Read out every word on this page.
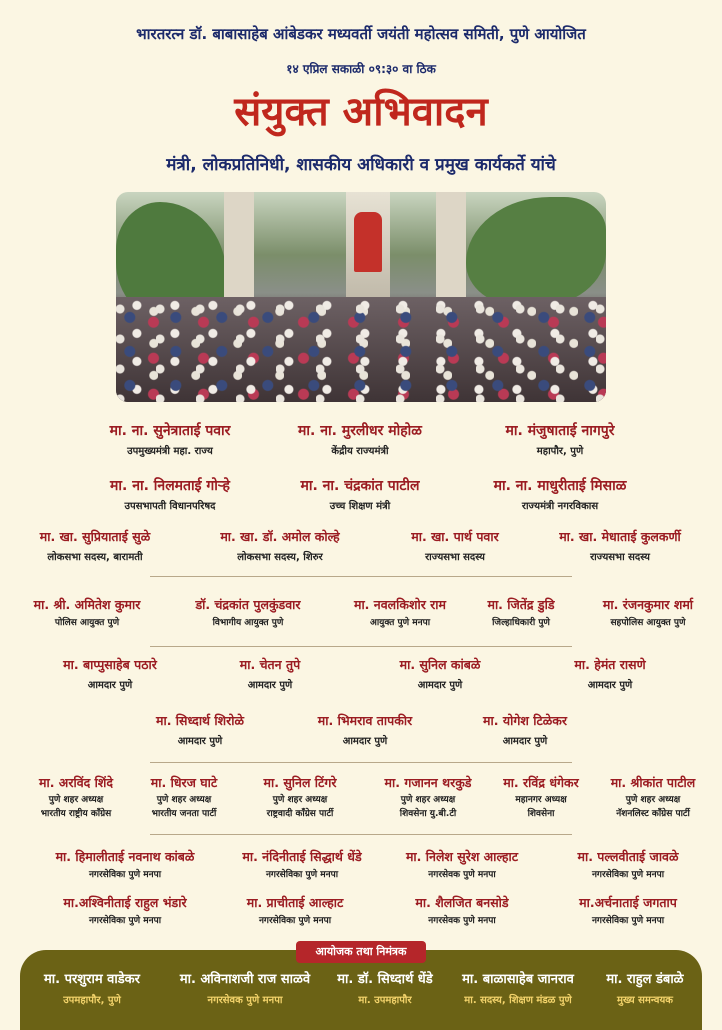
भारतरत्न डॉ. बाबासाहेब आंबेडकर मध्यवर्ती जयंती महोत्सव समिती, पुणे आयोजित
१४ एप्रिल सकाळी ०९:३० वा ठिक
संयुक्त अभिवादन
मंत्री, लोकप्रतिनिधी, शासकीय अधिकारी व प्रमुख कार्यकर्ते यांचे
मा. ना. सुनेत्राताई पवार
उपमुख्यमंत्री महा. राज्य
मा. ना. मुरलीधर मोहोळ
केंद्रीय राज्यमंत्री
मा. मंजुषाताई नागपुरे
महापौर, पुणे
मा. ना. निलमताई गोऱ्हे
उपसभापती विधानपरिषद
मा. ना. चंद्रकांत पाटील
उच्च शिक्षण मंत्री
मा. ना. माधुरीताई मिसाळ
राज्यमंत्री नगरविकास
मा. खा. सुप्रियाताई सुळे
लोकसभा सदस्य, बारामती
मा. खा. डॉ. अमोल कोल्हे
लोकसभा सदस्य, शिरुर
मा. खा. पार्थ पवार
राज्यसभा सदस्य
मा. खा. मेधाताई कुलकर्णी
राज्यसभा सदस्य
मा. श्री. अमितेश कुमार
पोलिस आयुक्त पुणे
डॉ. चंद्रकांत पुलकुंडवार
विभागीय आयुक्त पुणे
मा. नवलकिशोर राम
आयुक्त पुणे मनपा
मा. जितेंद्र डुडि
जिल्हाधिकारी पुणे
मा. रंजनकुमार शर्मा
सहपोलिस आयुक्त पुणे
मा. बाप्पुसाहेब पठारे
आमदार पुणे
मा. चेतन तुपे
आमदार पुणे
मा. सुनिल कांबळे
आमदार पुणे
मा. हेमंत रासणे
आमदार पुणे
मा. सिध्दार्थ शिरोळे
आमदार पुणे
मा. भिमराव तापकीर
आमदार पुणे
मा. योगेश टिळेकर
आमदार पुणे
मा. अरविंद शिंदे
पुणे शहर अध्यक्ष
भारतीय राष्ट्रीय कॉंग्रेस
मा. धिरज घाटे
पुणे शहर अध्यक्ष
भारतीय जनता पार्टी
मा. सुनिल टिंगरे
पुणे शहर अध्यक्ष
राष्ट्रवादी कॉंग्रेस पार्टी
मा. गजानन थरकुडे
पुणे शहर अध्यक्ष
शिवसेना यु.बी.टी
मा. रविंद्र धंगेकर
महानगर अध्यक्ष
शिवसेना
मा. श्रीकांत पाटील
पुणे शहर अध्यक्ष
नॅशनलिस्ट कॉंग्रेस पार्टी
मा. हिमालीताई नवनाथ कांबळे
नगरसेविका पुणे मनपा
मा. नंदिनीताई सिद्धार्थ धेंडे
नगरसेविका पुणे मनपा
मा. निलेश सुरेश आल्हाट
नगरसेवक पुणे मनपा
मा. पल्लवीताई जावळे
नगरसेविका पुणे मनपा
मा.अश्विनीताई राहुल भंडारे
नगरसेविका पुणे मनपा
मा. प्राचीताई आल्हाट
नगरसेविका पुणे मनपा
मा. शैलजित बनसोडे
नगरसेवक पुणे मनपा
मा.अर्चनाताई जगताप
नगरसेविका पुणे मनपा
आयोजक तथा निमंत्रक
मा. परशुराम वाडेकर
उपमहापौर, पुणे
मा. अविनाशजी राज साळवे
नगरसेवक पुणे मनपा
मा. डॉ. सिध्दार्थ धेंडे
मा. उपमहापौर
मा. बाळासाहेब जानराव
मा. सदस्य, शिक्षण मंडळ पुणे
मा. राहुल डंबाळे
मुख्य समन्वयक
